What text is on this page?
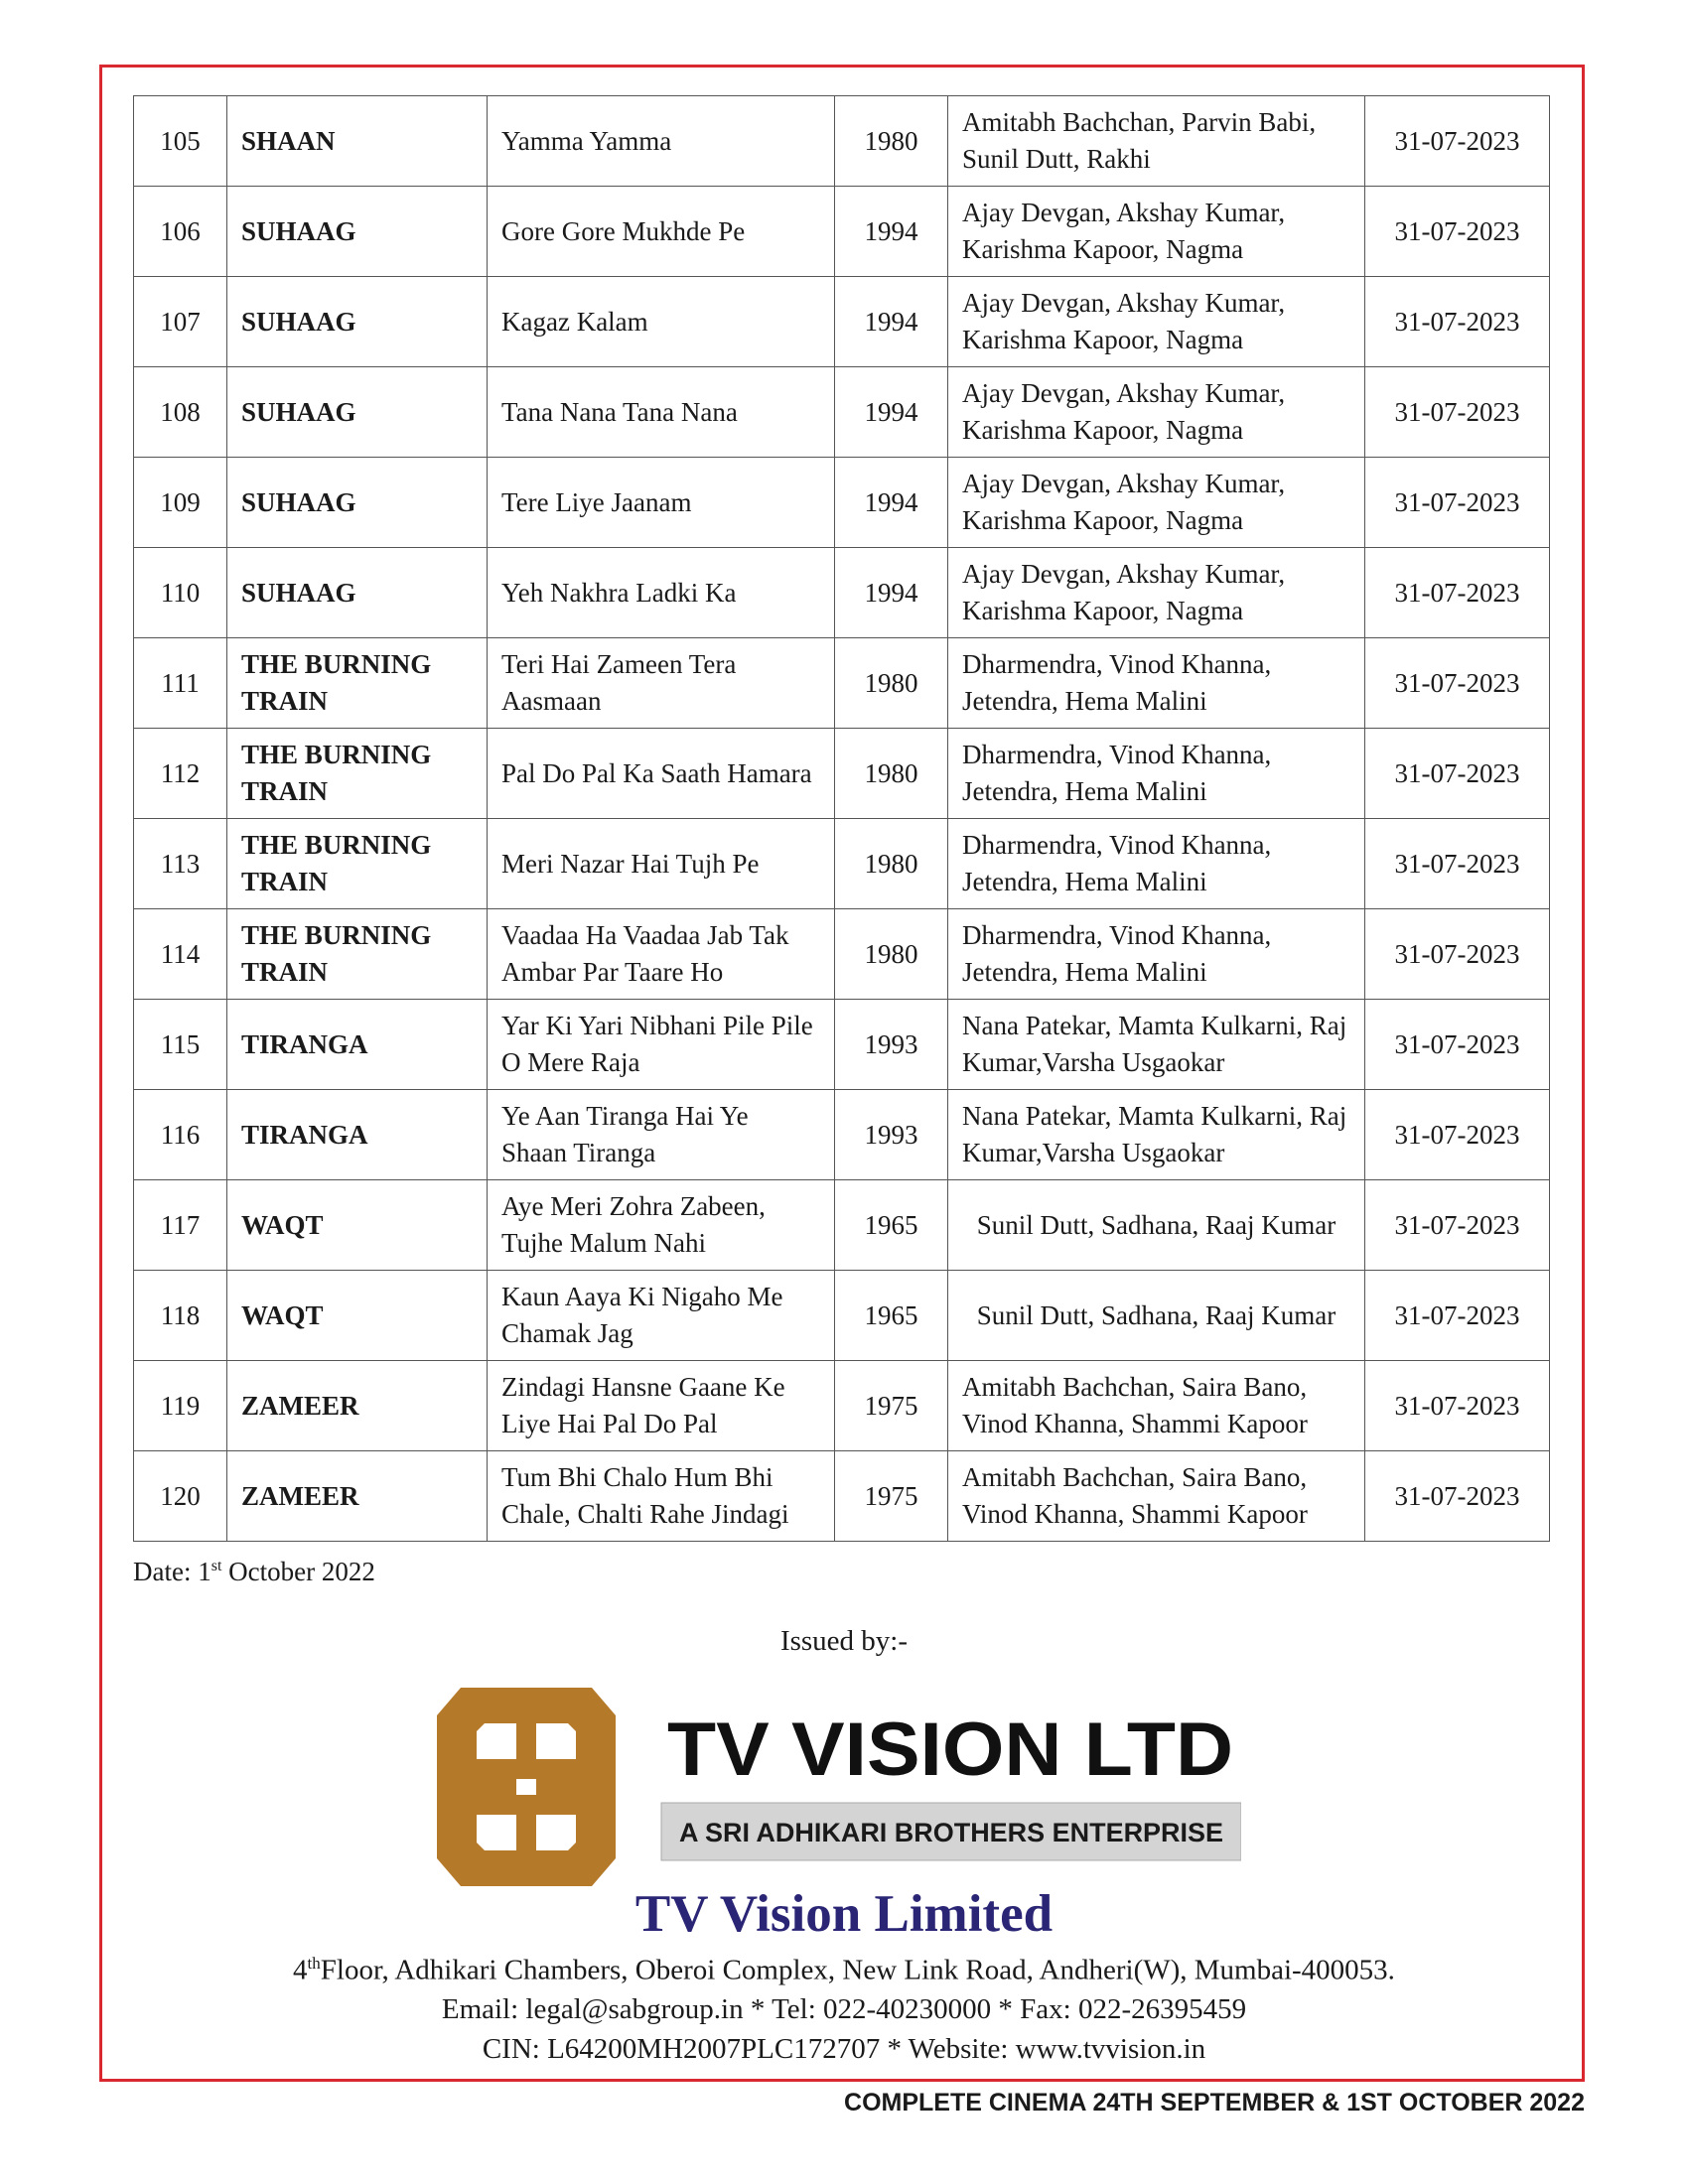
105	SHAAN	Yamma Yamma	1980	Amitabh Bachchan, Parvin Babi, Sunil Dutt, Rakhi	31-07-2023
106	SUHAAG	Gore Gore Mukhde Pe	1994	Ajay Devgan, Akshay Kumar, Karishma Kapoor, Nagma	31-07-2023
107	SUHAAG	Kagaz Kalam	1994	Ajay Devgan, Akshay Kumar, Karishma Kapoor, Nagma	31-07-2023
108	SUHAAG	Tana Nana Tana Nana	1994	Ajay Devgan, Akshay Kumar, Karishma Kapoor, Nagma	31-07-2023
109	SUHAAG	Tere Liye Jaanam	1994	Ajay Devgan, Akshay Kumar, Karishma Kapoor, Nagma	31-07-2023
110	SUHAAG	Yeh Nakhra Ladki Ka	1994	Ajay Devgan, Akshay Kumar, Karishma Kapoor, Nagma	31-07-2023
111	THE BURNING TRAIN	Teri Hai Zameen Tera Aasmaan	1980	Dharmendra, Vinod Khanna, Jetendra, Hema Malini	31-07-2023
112	THE BURNING TRAIN	Pal Do Pal Ka Saath Hamara	1980	Dharmendra, Vinod Khanna, Jetendra, Hema Malini	31-07-2023
113	THE BURNING TRAIN	Meri Nazar Hai Tujh Pe	1980	Dharmendra, Vinod Khanna, Jetendra, Hema Malini	31-07-2023
114	THE BURNING TRAIN	Vaadaa Ha Vaadaa Jab Tak Ambar Par Taare Ho	1980	Dharmendra, Vinod Khanna, Jetendra, Hema Malini	31-07-2023
115	TIRANGA	Yar Ki Yari Nibhani Pile Pile O Mere Raja	1993	Nana Patekar, Mamta Kulkarni, Raj Kumar,Varsha Usgaokar	31-07-2023
116	TIRANGA	Ye Aan Tiranga Hai Ye Shaan Tiranga	1993	Nana Patekar, Mamta Kulkarni, Raj Kumar,Varsha Usgaokar	31-07-2023
117	WAQT	Aye Meri Zohra Zabeen, Tujhe Malum Nahi	1965	Sunil Dutt, Sadhana, Raaj Kumar	31-07-2023
118	WAQT	Kaun Aaya Ki Nigaho Me Chamak Jag	1965	Sunil Dutt, Sadhana, Raaj Kumar	31-07-2023
119	ZAMEER	Zindagi Hansne Gaane Ke Liye Hai Pal Do Pal	1975	Amitabh Bachchan, Saira Bano, Vinod Khanna, Shammi Kapoor	31-07-2023
120	ZAMEER	Tum Bhi Chalo Hum Bhi Chale, Chalti Rahe Jindagi	1975	Amitabh Bachchan, Saira Bano, Vinod Khanna, Shammi Kapoor	31-07-2023
Date: 1st October 2022
Issued by:-
TV VISION LTD
A SRI ADHIKARI BROTHERS ENTERPRISE
TV Vision Limited
4thFloor, Adhikari Chambers, Oberoi Complex, New Link Road, Andheri(W), Mumbai-400053.
Email: legal@sabgroup.in * Tel: 022-40230000 * Fax: 022-26395459
CIN: L64200MH2007PLC172707 * Website: www.tvvision.in
COMPLETE CINEMA 24TH SEPTEMBER & 1ST OCTOBER 2022
